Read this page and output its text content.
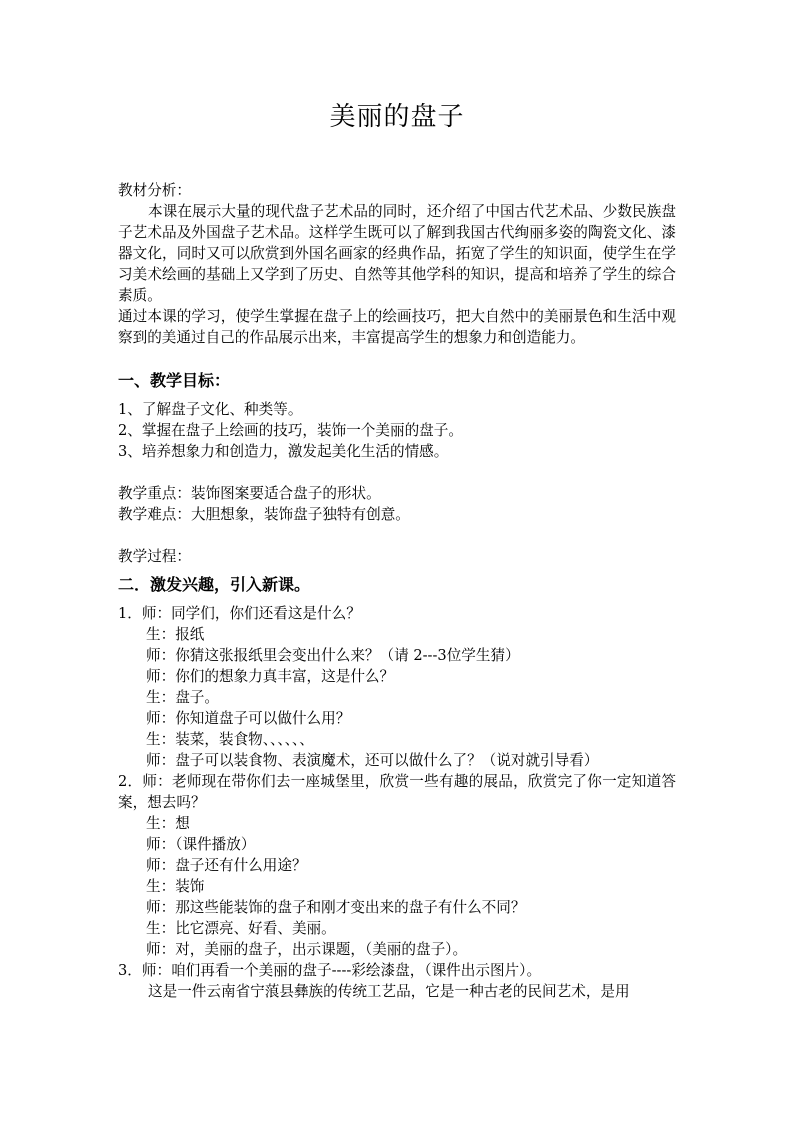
美丽的盘子

教材分析：

本课在展示大量的现代盘子艺术品的同时，还介绍了中国古代艺术品、少数民族盘子艺术品及外国盘子艺术品。这样学生既可以了解到我国古代绚丽多姿的陶瓷文化、漆器文化，同时又可以欣赏到外国名画家的经典作品，拓宽了学生的知识面，使学生在学习美术绘画的基础上又学到了历史、自然等其他学科的知识，提高和培养了学生的综合素质。

通过本课的学习，使学生掌握在盘子上的绘画技巧，把大自然中的美丽景色和生活中观察到的美通过自己的作品展示出来，丰富提高学生的想象力和创造能力。

一、教学目标：

1、了解盘子文化、种类等。

2、掌握在盘子上绘画的技巧，装饰一个美丽的盘子。

3、培养想象力和创造力，激发起美化生活的情感。

教学重点：装饰图案要适合盘子的形状。

教学难点：大胆想象，装饰盘子独特有创意。

教学过程：

二．激发兴趣，引入新课。

1．师：同学们，你们还看这是什么？

生：报纸

师：你猜这张报纸里会变出什么来？（请 2---3位学生猜）

师：你们的想象力真丰富，这是什么？

生：盘子。

师：你知道盘子可以做什么用？

生：装菜，装食物、、、、、、

师：盘子可以装食物、表演魔术，还可以做什么了？（说对就引导看）

2．师：老师现在带你们去一座城堡里，欣赏一些有趣的展品，欣赏完了你一定知道答案，想去吗？

生：想

师：（课件播放）

师：盘子还有什么用途？

生：装饰

师：那这些能装饰的盘子和刚才变出来的盘子有什么不同？

生：比它漂亮、好看、美丽。

师：对，美丽的盘子，出示课题，（美丽的盘子）。

3．师：咱们再看一个美丽的盘子----彩绘漆盘，（课件出示图片）。

这是一件云南省宁蒗县彝族的传统工艺品，它是一种古老的民间艺术，是用
